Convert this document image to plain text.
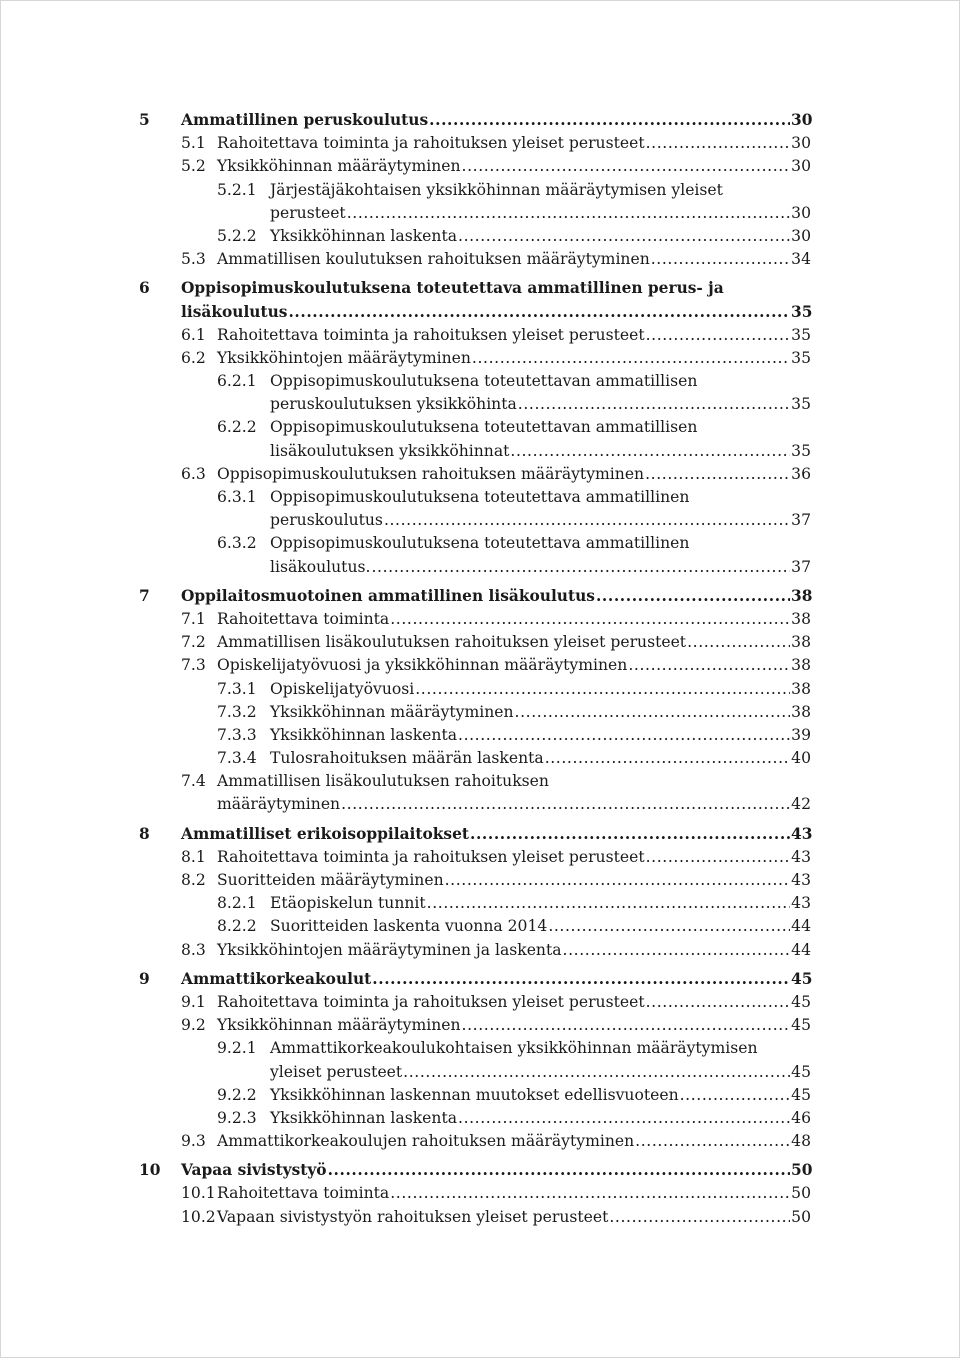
5 Ammatillinen peruskoulutus .....	30
5.1 Rahoitettava toiminta ja rahoituksen yleiset perusteet .....	30
5.2 Yksikköhinnan määräytyminen .....	30
5.2.1 Järjestäjäkohtaisen yksikköhinnan määräytymisen yleiset
perusteet .....	30
5.2.2 Yksikköhinnan laskenta .....	30
5.3 Ammatillisen koulutuksen rahoituksen määräytyminen .....	34
6 Oppisopimuskoulutuksena toteutettava ammatillinen perus- ja
lisäkoulutus .....	35
6.1 Rahoitettava toiminta ja rahoituksen yleiset perusteet .....	35
6.2 Yksikköhintojen määräytyminen .....	35
6.2.1 Oppisopimuskoulutuksena toteutettavan ammatillisen
peruskoulutuksen yksikköhinta .....	35
6.2.2 Oppisopimuskoulutuksena toteutettavan ammatillisen
lisäkoulutuksen yksikköhinnat .....	35
6.3 Oppisopimuskoulutuksen rahoituksen määräytyminen .....	36
6.3.1 Oppisopimuskoulutuksena toteutettava ammatillinen
peruskoulutus .....	37
6.3.2 Oppisopimuskoulutuksena toteutettava ammatillinen
lisäkoulutus. .....	37
7 Oppilaitosmuotoinen ammatillinen lisäkoulutus .....	38
7.1 Rahoitettava toiminta .....	38
7.2 Ammatillisen lisäkoulutuksen rahoituksen yleiset perusteet .....	38
7.3 Opiskelijatyövuosi ja yksikköhinnan määräytyminen .....	38
7.3.1 Opiskelijatyövuosi .....	38
7.3.2 Yksikköhinnan määräytyminen .....	38
7.3.3 Yksikköhinnan laskenta .....	39
7.3.4 Tulosrahoituksen määrän laskenta .....	40
7.4 Ammatillisen lisäkoulutuksen rahoituksen
määräytyminen .....	42
8 Ammatilliset erikoisoppilaitokset .....	43
8.1 Rahoitettava toiminta ja rahoituksen yleiset perusteet .....	43
8.2 Suoritteiden määräytyminen .....	43
8.2.1 Etäopiskelun tunnit .....	43
8.2.2 Suoritteiden laskenta vuonna 2014 .....	44
8.3 Yksikköhintojen määräytyminen ja laskenta .....	44
9 Ammattikorkeakoulut .....	45
9.1 Rahoitettava toiminta ja rahoituksen yleiset perusteet .....	45
9.2 Yksikköhinnan määräytyminen .....	45
9.2.1 Ammattikorkeakoulukohtaisen yksikköhinnan määräytymisen
yleiset perusteet .....	45
9.2.2 Yksikköhinnan laskennan muutokset edellisvuoteen .....	45
9.2.3 Yksikköhinnan laskenta .....	46
9.3 Ammattikorkeakoulujen rahoituksen määräytyminen .....	48
10 Vapaa sivistystyö .....	50
10.1 Rahoitettava toiminta .....	50
10.2 Vapaan sivistystyön rahoituksen yleiset perusteet .....	50
